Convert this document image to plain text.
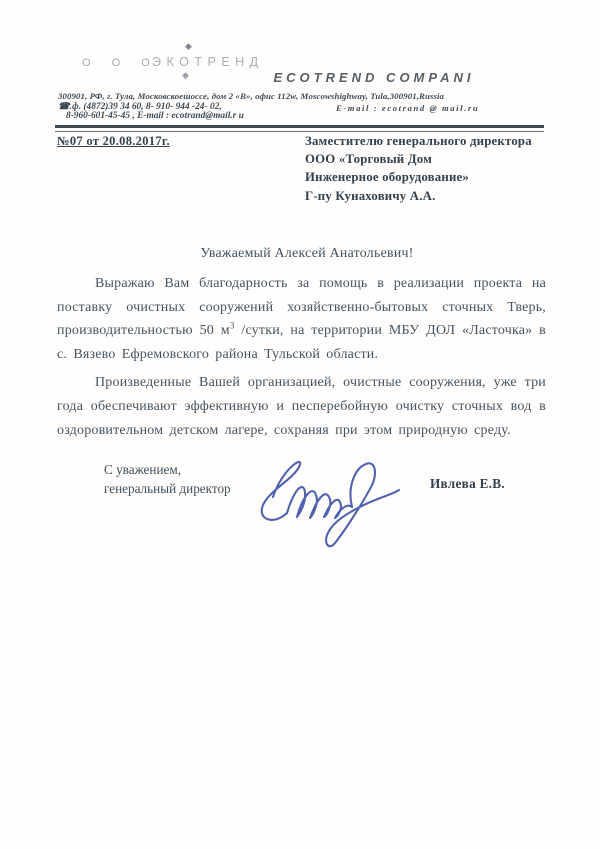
О О О
◆
ЭКОТРЕНД
◆	ECOTREND COMPANI
300901, РФ, г. Тула, Московскоешоссе, дом 2 «В», офис 112w, Moscowshighway, Tula,300901,Russia
☎.ф. (4872)39 34 60, 8- 910- 944 -24- 02,
8-960-601-45-45 , E-mail : ecotrand@mail.r u
E-mail : ecotrand @ mail.ru
№07 от 20.08.2017г.	Заместителю генерального директора
ООО «Торговый Дом
Инженерное оборудование»
Г-пу Кунаховичу А.А.
Уважаемый Алексей Анатольевич!

Выражаю Вам благодарность за помощь в реализации проекта на поставку очистных сооружений хозяйственно-бытовых сточных Тверь, производительностью 50 $м^3$ /сутки, на территории МБУ ДОЛ «Ласточка» в с. Вязево Ефремовского района Тульской области.

Произведенные Вашей организацией, очистные сооружения, уже три года обеспечивают эффективную и песперебойную очистку сточных вод в оздоровительном детском лагере, сохраняя при этом природную среду.

С уважением,
генеральный директор	Ивлева Е.В.
